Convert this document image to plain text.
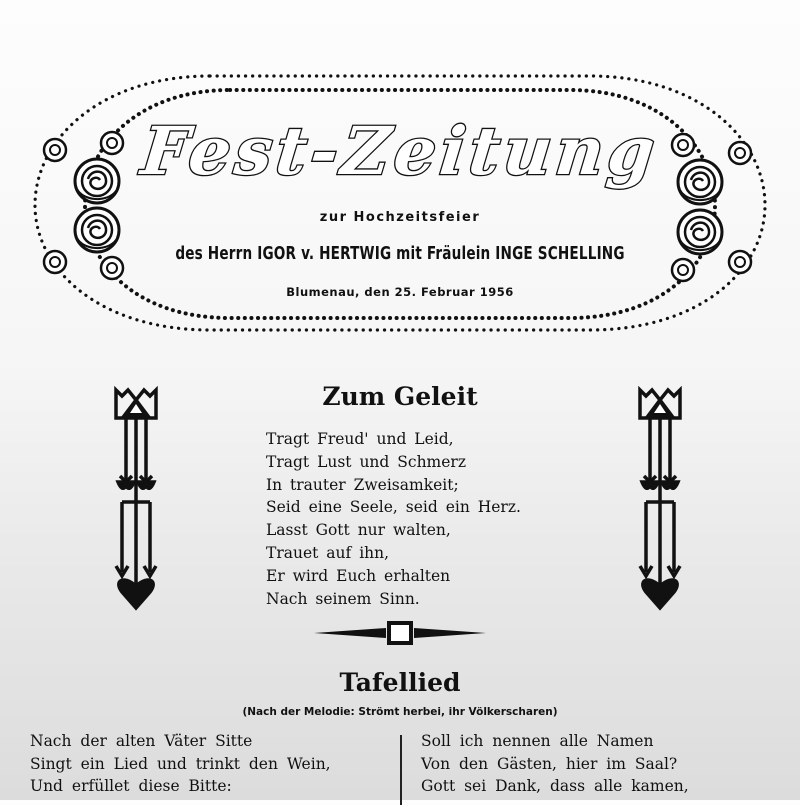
Fest-Zeitung
zur Hochzeitsfeier
des Herrn IGOR v. HERTWIG mit Fräulein INGE SCHELLING
Blumenau, den 25. Februar 1956
Zum Geleit
Tragt Freud' und Leid,
Tragt Lust und Schmerz
In trauter Zweisamkeit;
Seid eine Seele, seid ein Herz.
Lasst Gott nur walten,
Trauet auf ihn,
Er wird Euch erhalten
Nach seinem Sinn.
Tafellied
(Nach der Melodie: Strömt herbei, ihr Völkerscharen)
Nach der alten Väter Sitte
Singt ein Lied und trinkt den Wein,
Und erfüllet diese Bitte:
Soll ich nennen alle Namen
Von den Gästen, hier im Saal?
Gott sei Dank, dass alle kamen,
